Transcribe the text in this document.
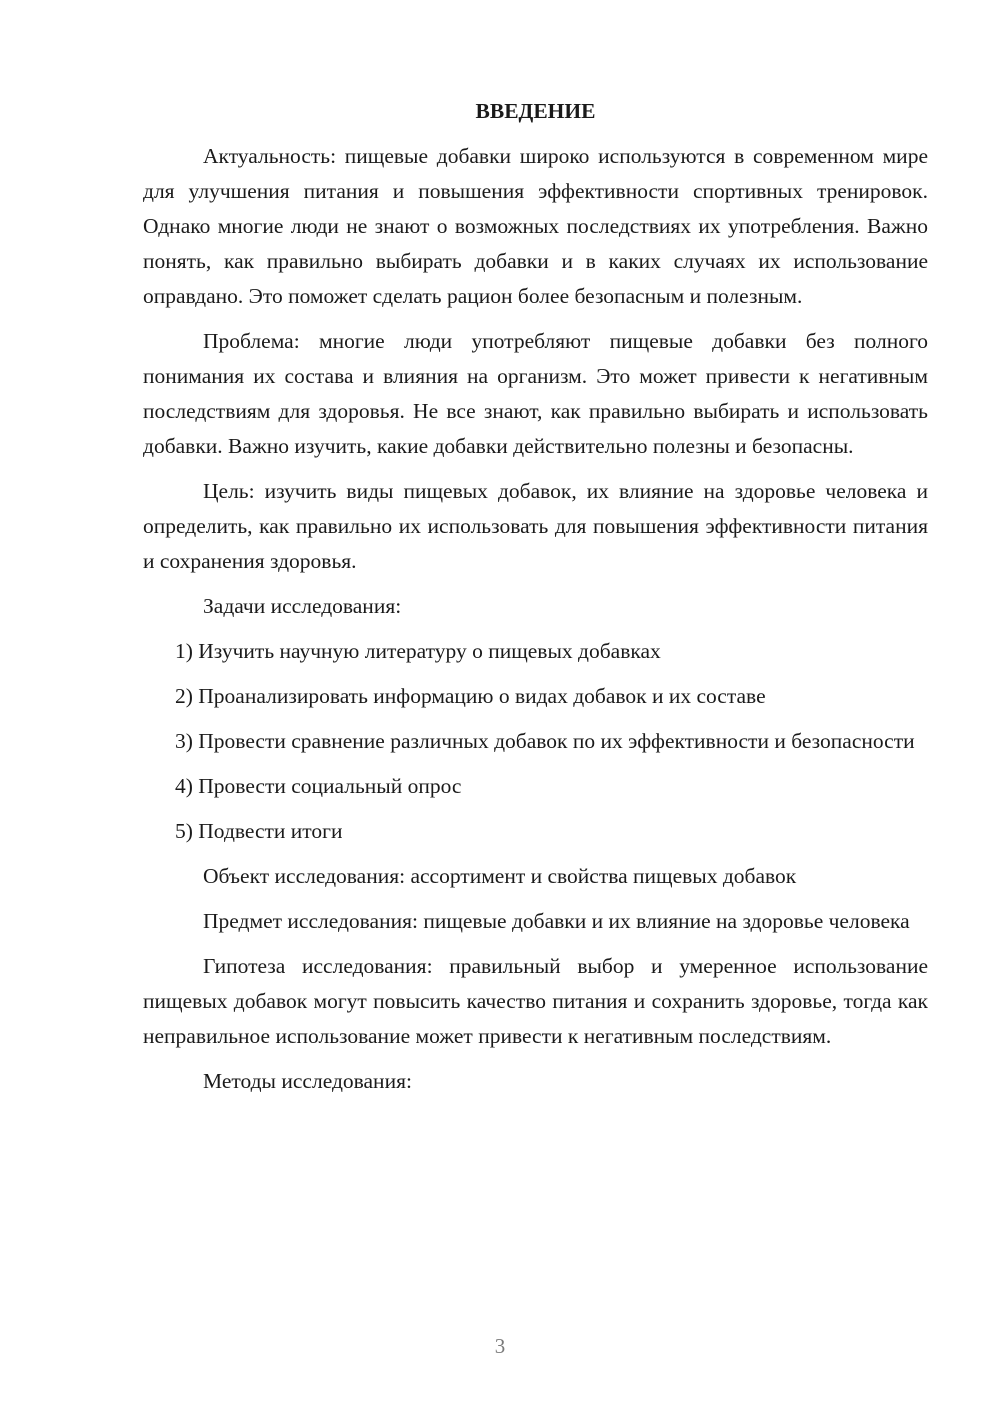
ВВЕДЕНИЕ

Актуальность: пищевые добавки широко используются в современном мире для улучшения питания и повышения эффективности спортивных тренировок. Однако многие люди не знают о возможных последствиях их употребления. Важно понять, как правильно выбирать добавки и в каких случаях их использование оправдано. Это поможет сделать рацион более безопасным и полезным.

Проблема: многие люди употребляют пищевые добавки без полного понимания их состава и влияния на организм. Это может привести к негативным последствиям для здоровья. Не все знают, как правильно выбирать и использовать добавки. Важно изучить, какие добавки действительно полезны и безопасны.

Цель: изучить виды пищевых добавок, их влияние на здоровье человека и определить, как правильно их использовать для повышения эффективности питания и сохранения здоровья.

Задачи исследования:

1) Изучить научную литературу о пищевых добавках

2) Проанализировать информацию о видах добавок и их составе

3) Провести сравнение различных добавок по их эффективности и безопасности

4) Провести социальный опрос

5) Подвести итоги

Объект исследования: ассортимент и свойства пищевых добавок

Предмет исследования: пищевые добавки и их влияние на здоровье человека

Гипотеза исследования: правильный выбор и умеренное использование пищевых добавок могут повысить качество питания и сохранить здоровье, тогда как неправильное использование может привести к негативным последствиям.

Методы исследования:

3
